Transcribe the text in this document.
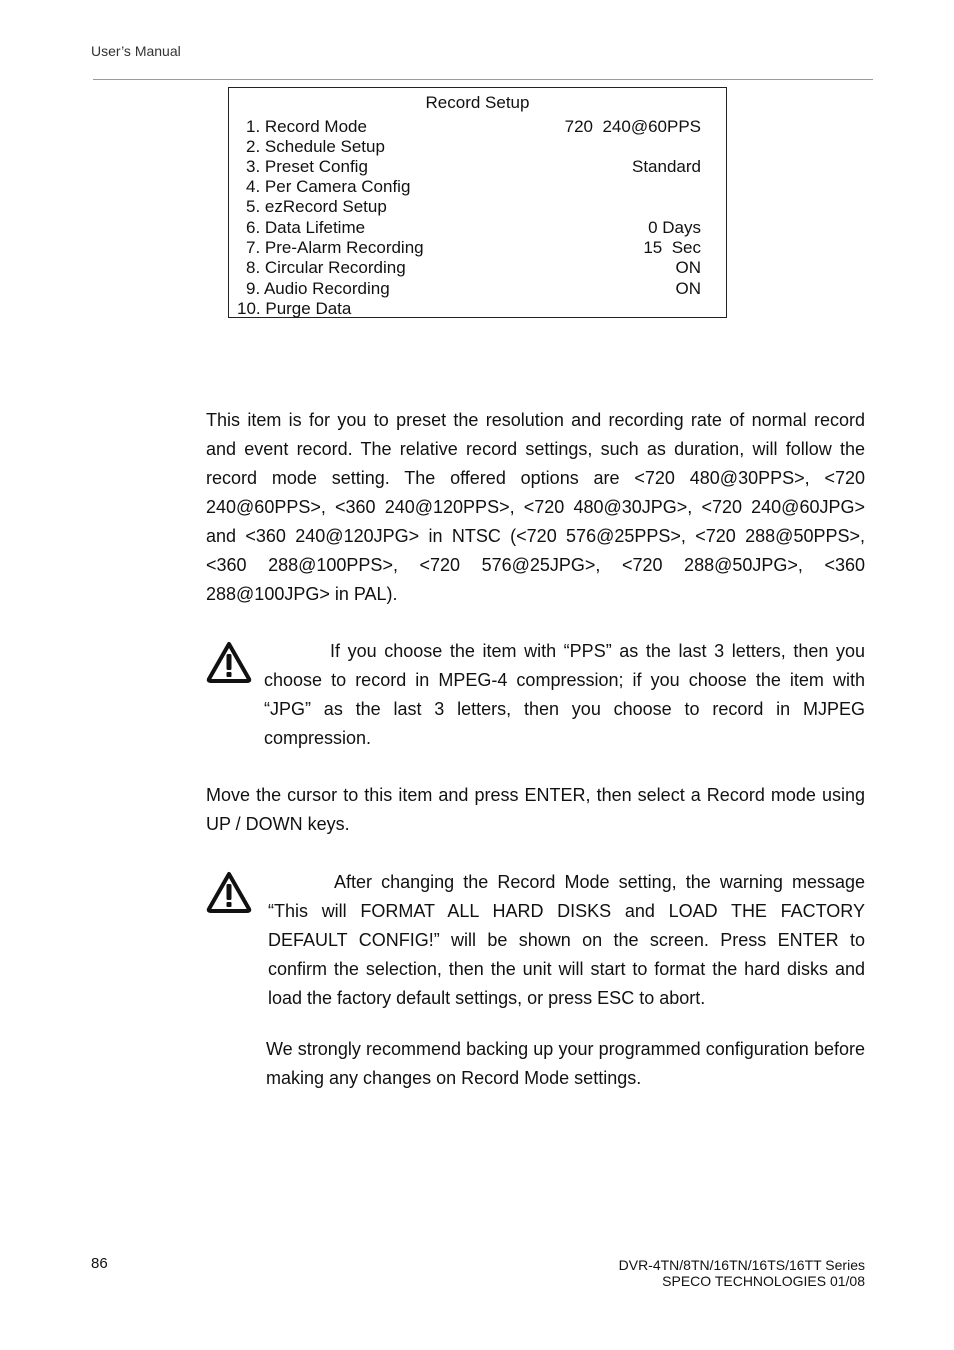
User’s Manual
Record Setup
1. Record Mode	720  240@60PPS
2. Schedule Setup
3. Preset Config	Standard
4. Per Camera Config
5. ezRecord Setup
6. Data Lifetime	0 Days
7. Pre-Alarm Recording	15  Sec
8. Circular Recording	ON
9. Audio Recording	ON
10. Purge Data
This item is for you to preset the resolution and recording rate of normal record and event record. The relative record settings, such as duration, will follow the record mode setting. The offered options are <720 480@30PPS>, <720 240@60PPS>, <360 240@120PPS>, <720 480@30JPG>, <720 240@60JPG> and <360 240@120JPG> in NTSC (<720 576@25PPS>, <720 288@50PPS>, <360 288@100PPS>, <720 576@25JPG>, <720 288@50JPG>, <360 288@100JPG> in PAL).
If you choose the item with “PPS” as the last 3 letters, then you choose to record in MPEG-4 compression; if you choose the item with “JPG” as the last 3 letters, then you choose to record in MJPEG compression.
Move the cursor to this item and press ENTER, then select a Record mode using UP / DOWN keys.
After changing the Record Mode setting, the warning message “This will FORMAT ALL HARD DISKS and LOAD THE FACTORY DEFAULT CONFIG!” will be shown on the screen. Press ENTER to confirm the selection, then the unit will start to format the hard disks and load the factory default settings, or press ESC to abort.
We strongly recommend backing up your programmed configuration before making any changes on Record Mode settings.
86	DVR-4TN/8TN/16TN/16TS/16TT Series
SPECO TECHNOLOGIES 01/08
